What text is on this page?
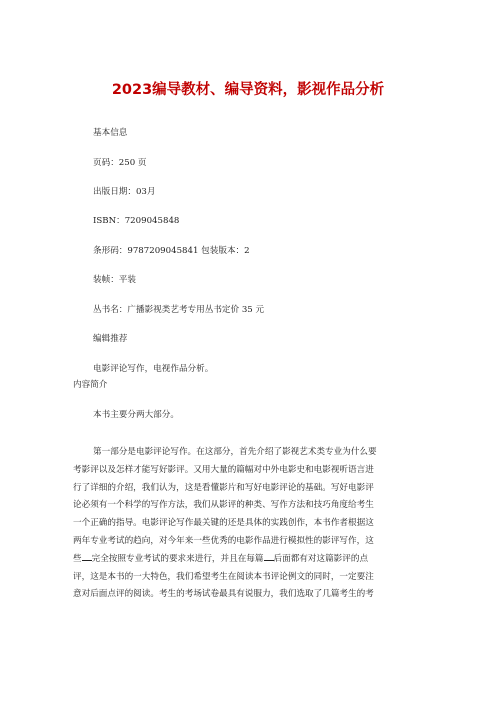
2023编导教材、编导资料，影视作品分析
基本信息
页码：250 页
出版日期：03月
ISBN：7209045848
条形码：9787209045841 包装版本：2
装帧：平装
丛书名：广播影视类艺考专用丛书定价 35 元
编辑推荐
电影评论写作，电视作品分析。
内容简介
本书主要分两大部分。
第一部分是电影评论写作。在这部分，首先介绍了影视艺术类专业为什么要
考影评以及怎样才能写好影评。又用大量的篇幅对中外电影史和电影视听语言进
行了详细的介绍，我们认为，这是看懂影片和写好电影评论的基础。写好电影评
论必须有一个科学的写作方法，我们从影评的种类、写作方法和技巧角度给考生
一个正确的指导。电影评论写作最关键的还是具体的实践创作，本书作者根据这
两年专业考试的趋向，对今年来一些优秀的电影作品进行模拟性的影评写作，这
些 完全按照专业考试的要求来进行，并且在每篇 后面都有对这篇影评的点
评，这是本书的一大特色，我们希望考生在阅读本书评论例文的同时，一定要注
意对后面点评的阅读。考生的考场试卷最具有说服力，我们选取了几篇考生的考
